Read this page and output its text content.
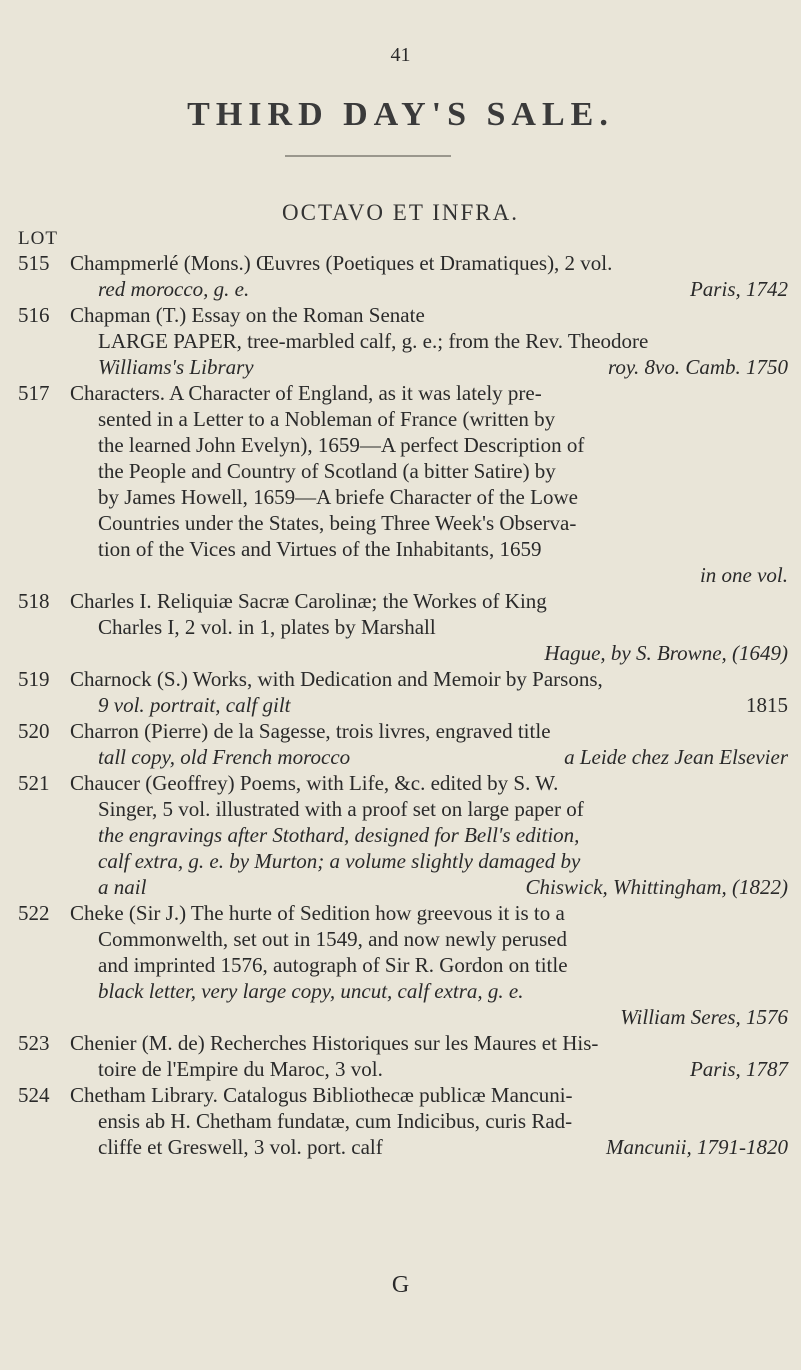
41
THIRD DAY'S SALE.
OCTAVO ET INFRA.
LOT
515 Champmerlé (Mons.) Œuvres (Poetiques et Dramatiques), 2 vol.
red morocco, g. e.	Paris, 1742
516 Chapman (T.) Essay on the Roman Senate
LARGE PAPER, tree-marbled calf, g. e.; from the Rev. Theodore
Williams's Library	roy. 8vo. Camb. 1750
517 Characters. A Character of England, as it was lately pre-
sented in a Letter to a Nobleman of France (written by
the learned John Evelyn), 1659—A perfect Description of
the People and Country of Scotland (a bitter Satire) by
by James Howell, 1659—A briefe Character of the Lowe
Countries under the States, being Three Week's Observa-
tion of the Vices and Virtues of the Inhabitants, 1659
in one vol.
518 Charles I. Reliquiæ Sacræ Carolinæ; the Workes of King
Charles I, 2 vol. in 1, plates by Marshall
Hague, by S. Browne, (1649)
519 Charnock (S.) Works, with Dedication and Memoir by Parsons,
9 vol. portrait, calf gilt	1815
520 Charron (Pierre) de la Sagesse, trois livres, engraved title
tall copy, old French morocco	a Leide chez Jean Elsevier
521 Chaucer (Geoffrey) Poems, with Life, &c. edited by S. W.
Singer, 5 vol. illustrated with a proof set on large paper of
the engravings after Stothard, designed for Bell's edition,
calf extra, g. e. by Murton; a volume slightly damaged by
a nail	Chiswick, Whittingham, (1822)
522 Cheke (Sir J.) The hurte of Sedition how greevous it is to a
Commonwelth, set out in 1549, and now newly perused
and imprinted 1576, autograph of Sir R. Gordon on title
black letter, very large copy, uncut, calf extra, g. e.
William Seres, 1576
523 Chenier (M. de) Recherches Historiques sur les Maures et His-
toire de l'Empire du Maroc, 3 vol.	Paris, 1787
524 Chetham Library. Catalogus Bibliothecæ publicæ Mancuni-
ensis ab H. Chetham fundatæ, cum Indicibus, curis Rad-
cliffe et Greswell, 3 vol. port. calf	Mancunii, 1791-1820
G
